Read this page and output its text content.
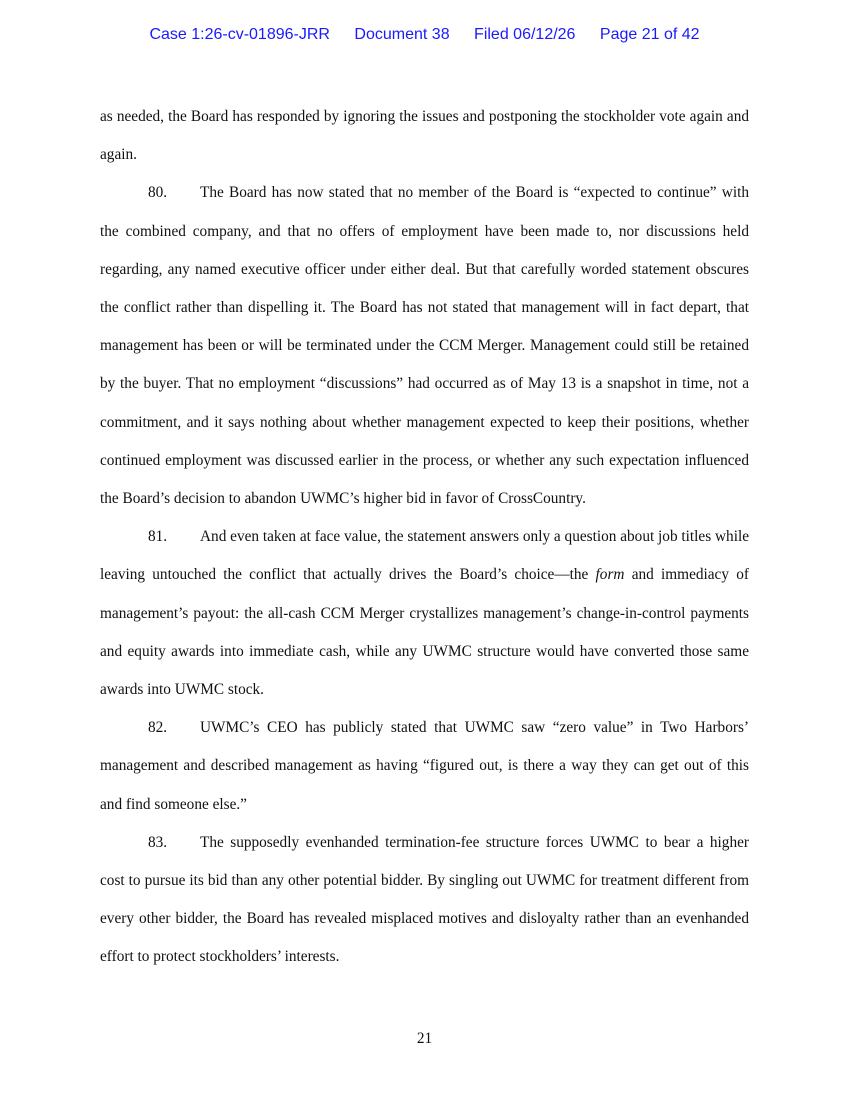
Case 1:26-cv-01896-JRR Document 38 Filed 06/12/26 Page 21 of 42

as needed, the Board has responded by ignoring the issues and postponing the stockholder vote again and again.

80. The Board has now stated that no member of the Board is “expected to continue” with the combined company, and that no offers of employment have been made to, nor discussions held regarding, any named executive officer under either deal. But that carefully worded statement obscures the conflict rather than dispelling it. The Board has not stated that management will in fact depart, that management has been or will be terminated under the CCM Merger. Management could still be retained by the buyer. That no employment “discussions” had occurred as of May 13 is a snapshot in time, not a commitment, and it says nothing about whether management expected to keep their positions, whether continued employment was discussed earlier in the process, or whether any such expectation influenced the Board’s decision to abandon UWMC’s higher bid in favor of CrossCountry.

81. And even taken at face value, the statement answers only a question about job titles while leaving untouched the conflict that actually drives the Board’s choice—the form and immediacy of management’s payout: the all-cash CCM Merger crystallizes management’s change-in-control payments and equity awards into immediate cash, while any UWMC structure would have converted those same awards into UWMC stock.

82. UWMC’s CEO has publicly stated that UWMC saw “zero value” in Two Harbors’ management and described management as having “figured out, is there a way they can get out of this and find someone else.”

83. The supposedly evenhanded termination-fee structure forces UWMC to bear a higher cost to pursue its bid than any other potential bidder. By singling out UWMC for treatment different from every other bidder, the Board has revealed misplaced motives and disloyalty rather than an evenhanded effort to protect stockholders’ interests.

21
